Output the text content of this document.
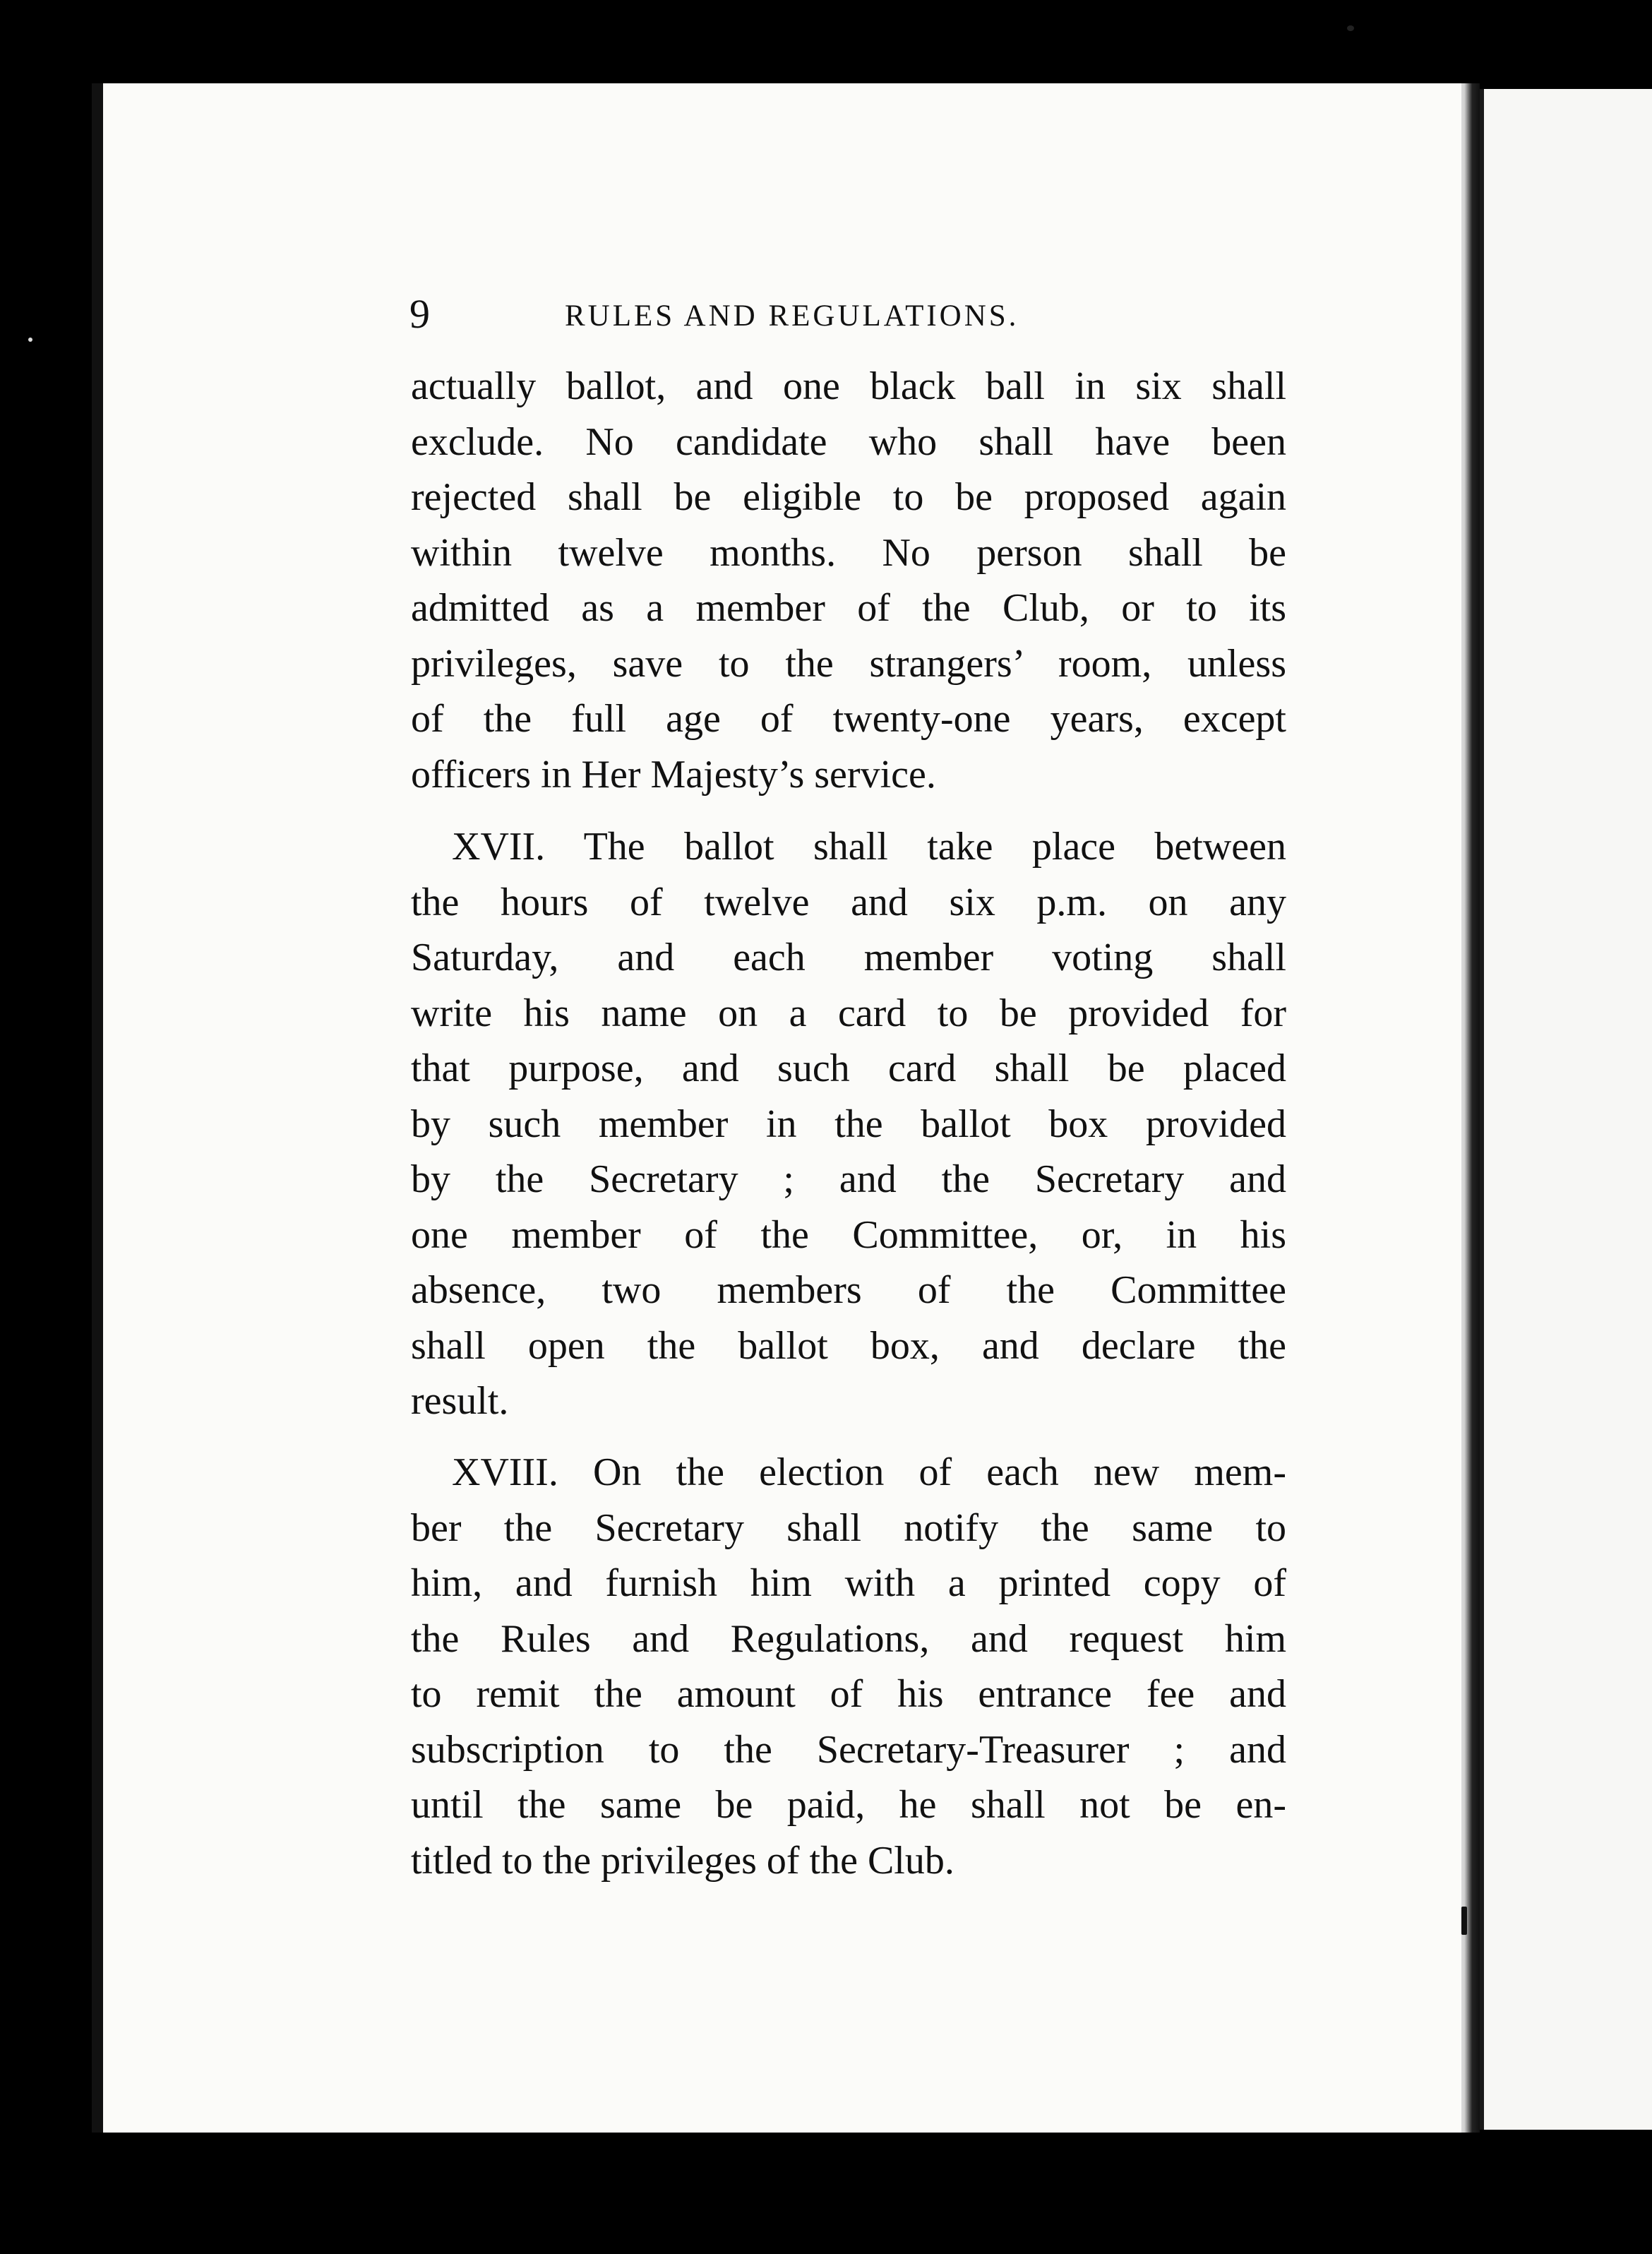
9	RULES AND REGULATIONS.
actually ballot, and one black ball in six shall
exclude. No candidate who shall have been
rejected shall be eligible to be proposed again
within twelve months. No person shall be
admitted as a member of the Club, or to its
privileges, save to the strangers’ room, unless
of the full age of twenty-one years, except
officers in Her Majesty’s service.
XVII. The ballot shall take place between
the hours of twelve and six p.m. on any
Saturday, and each member voting shall
write his name on a card to be provided for
that purpose, and such card shall be placed
by such member in the ballot box provided
by the Secretary ; and the Secretary and
one member of the Committee, or, in his
absence, two members of the Committee
shall open the ballot box, and declare the
result.
XVIII. On the election of each new mem-
ber the Secretary shall notify the same to
him, and furnish him with a printed copy of
the Rules and Regulations, and request him
to remit the amount of his entrance fee and
subscription to the Secretary-Treasurer ; and
until the same be paid, he shall not be en-
titled to the privileges of the Club.
